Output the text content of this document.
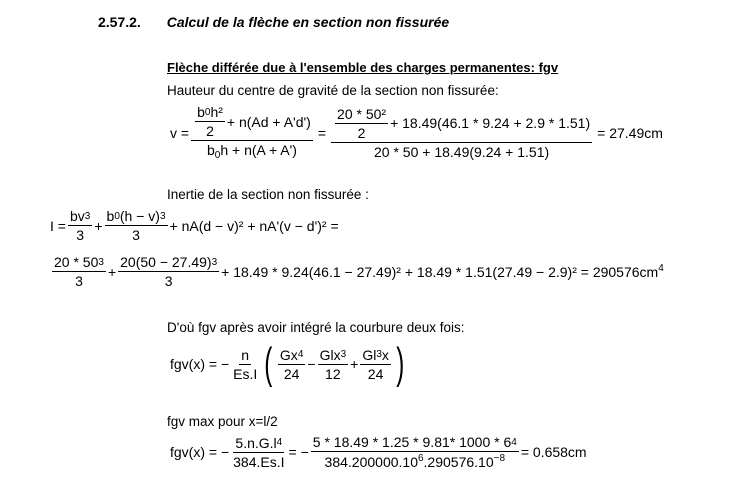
2.57.2. Calcul de la flèche en section non fissurée
Flèche différée due à l'ensemble des charges permanentes: fgv
Hauteur du centre de gravité de la section non fissurée:
$v = \frac{\frac{\text{b 0 h²}}{2} + n(Ad + A'd')}{b_0h + n(A + A')} = \frac{\text{20 * 50²}}{2} + 18.49(46.1 * 9.24 + 2.9 * 1.51)$
20 * 50 + 18.49(9.24 + 1.51)
= 27.49cm
Inertie de la section non fissurée :
$I = \frac{bv 3}{3} + \frac{b 0 (h - v) 3}{3} + nA(d - v)^2 + nA'(v - d')^2$ =
$\frac{20 * 50 3}{3} + \frac{20(50 - 27.49) 3}{3} + 18.49 * 9.24(46.1 - 27.49)^2 + 18.49 * 1.51(27.49 - 2.9)^2 = 290576cm$ 4
D'où fgv après avoir intégré la courbure deux fois:
fgv(x) = − $\frac{n}{Es.I}$ ( $\frac{Gx 4}{24} - \frac{\text{Glx 3}}{12} + \frac{Gl 3 x}{24}$ )
fgv max pour x=l/2
fgv(x) = − $\frac{5.n.G.l 4}{384.Es.I}$ = − $\frac{5 * 18.49 * 1.25 * 9.81* 1000 * 6 4}{384.200000.10^6.290576.10^{-8}} = 0.658cm$
